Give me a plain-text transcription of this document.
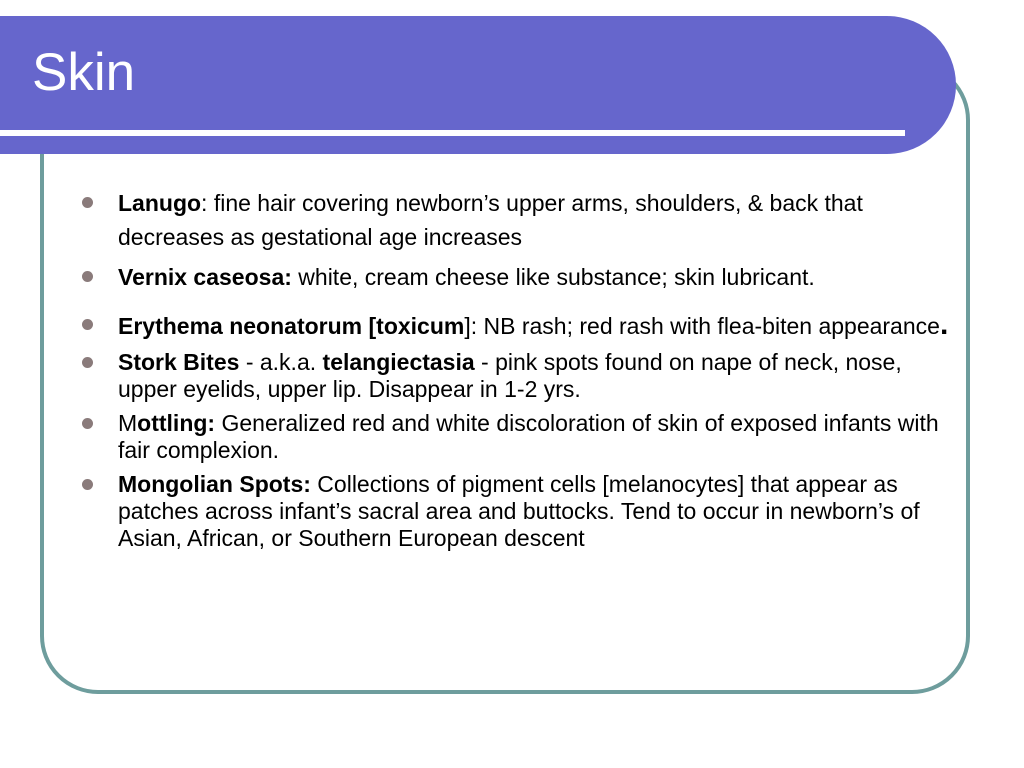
Skin
Lanugo: fine hair covering newborn’s upper arms, shoulders, & back that decreases as gestational age increases
Vernix caseosa: white, cream cheese like substance; skin lubricant.
Erythema neonatorum [toxicum]: NB rash; red rash with flea-biten appearance.
Stork Bites - a.k.a. telangiectasia - pink spots found on nape of neck, nose, upper eyelids, upper lip. Disappear in 1-2 yrs.
Mottling: Generalized red and white discoloration of skin of exposed infants with fair complexion.
Mongolian Spots: Collections of pigment cells [melanocytes] that appear as patches across infant’s sacral area and buttocks. Tend to occur in newborn’s of Asian, African, or Southern European descent
